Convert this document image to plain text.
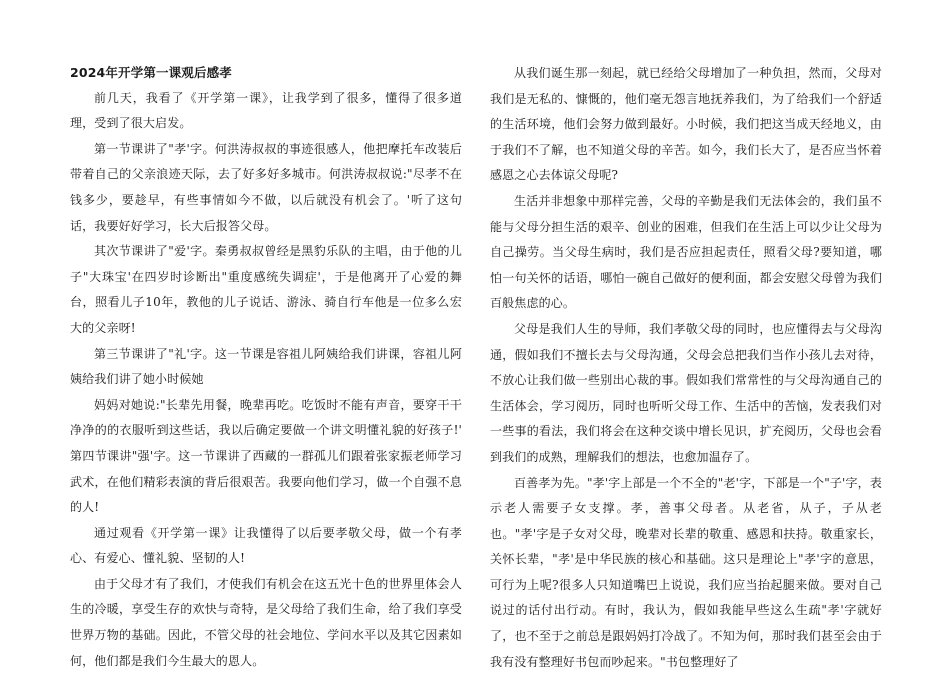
2024年开学第一课观后感孝

前几天，我看了《开学第一课》，让我学到了很多，懂得了很多道理，受到了很大启发。

第一节课讲了"孝'字。何洪涛叔叔的事迹很感人，他把摩托车改装后带着自己的父亲浪迹天际，去了好多好多城市。何洪涛叔叔说:"尽孝不在钱多少，要趁早，有些事情如今不做，以后就没有机会了。'听了这句话，我要好好学习，长大后报答父母。

其次节课讲了"爱'字。秦勇叔叔曾经是黑豹乐队的主唱，由于他的儿子"大珠宝'在四岁时诊断出"重度感统失调症'，于是他离开了心爱的舞台，照看儿子10年，教他的儿子说话、游泳、骑自行车他是一位多么宏大的父亲呀!

第三节课讲了"礼'字。这一节课是容祖儿阿姨给我们讲课，容祖儿阿姨给我们讲了她小时候她

妈妈对她说:"长辈先用餐，晚辈再吃。吃饭时不能有声音，要穿干干净净的的衣服听到这些话，我以后确定要做一个讲文明懂礼貌的好孩子!'　　第四节课讲"强'字。这一节课讲了西藏的一群孤儿们跟着张家振老师学习武术，在他们精彩表演的背后很艰苦。我要向他们学习，做一个自强不息的人!

通过观看《开学第一课》让我懂得了以后要孝敬父母，做一个有孝心、有爱心、懂礼貌、坚韧的人!

由于父母才有了我们，才使我们有机会在这五光十色的世界里体会人生的冷暖，享受生存的欢快与奇特，是父母给了我们生命，给了我们享受世界万物的基础。因此，不管父母的社会地位、学问水平以及其它因素如何，他们都是我们今生最大的恩人。

从我们诞生那一刻起，就已经给父母增加了一种负担，然而，父母对我们是无私的、慷慨的，他们毫无怨言地抚养我们，为了给我们一个舒适的生活环境，他们会努力做到最好。小时候，我们把这当成天经地义，由于我们不了解，也不知道父母的辛苦。如今，我们长大了，是否应当怀着感恩之心去体谅父母呢?

生活并非想象中那样完善，父母的辛勤是我们无法体会的，我们虽不能与父母分担生活的艰辛、创业的困难，但我们在生活上可以少让父母为自己操劳。当父母生病时，我们是否应担起责任，照看父母?要知道，哪怕一句关怀的话语，哪怕一碗自己做好的便利面，都会安慰父母曾为我们百般焦虑的心。

父母是我们人生的导师，我们孝敬父母的同时，也应懂得去与父母沟通，假如我们不擅长去与父母沟通，父母会总把我们当作小孩儿去对待，不放心让我们做一些别出心裁的事。假如我们常常性的与父母沟通自己的生活体会，学习阅历，同时也听听父母工作、生活中的苦恼，发表我们对一些事的看法，我们将会在这种交谈中增长见识，扩充阅历，父母也会看到我们的成熟，理解我们的想法，也愈加温存了。

百善孝为先。"孝'字上部是一个不全的"老'字，下部是一个"子'字，表示老人需要子女支撑。孝，善事父母者。从老省，从子，子从老也。"孝'字是子女对父母，晚辈对长辈的敬重、感恩和扶持。敬重家长，关怀长辈，"孝'是中华民族的核心和基础。这只是理论上"孝'字的意思，可行为上呢?很多人只知道嘴巴上说说，我们应当抬起腿来做。要对自己说过的话付出行动。有时，我认为，假如我能早些这么生疏"孝'字就好了，也不至于之前总是跟妈妈打冷战了。不知为何，那时我们甚至会由于我有没有整理好书包而吵起来。"书包整理好了
